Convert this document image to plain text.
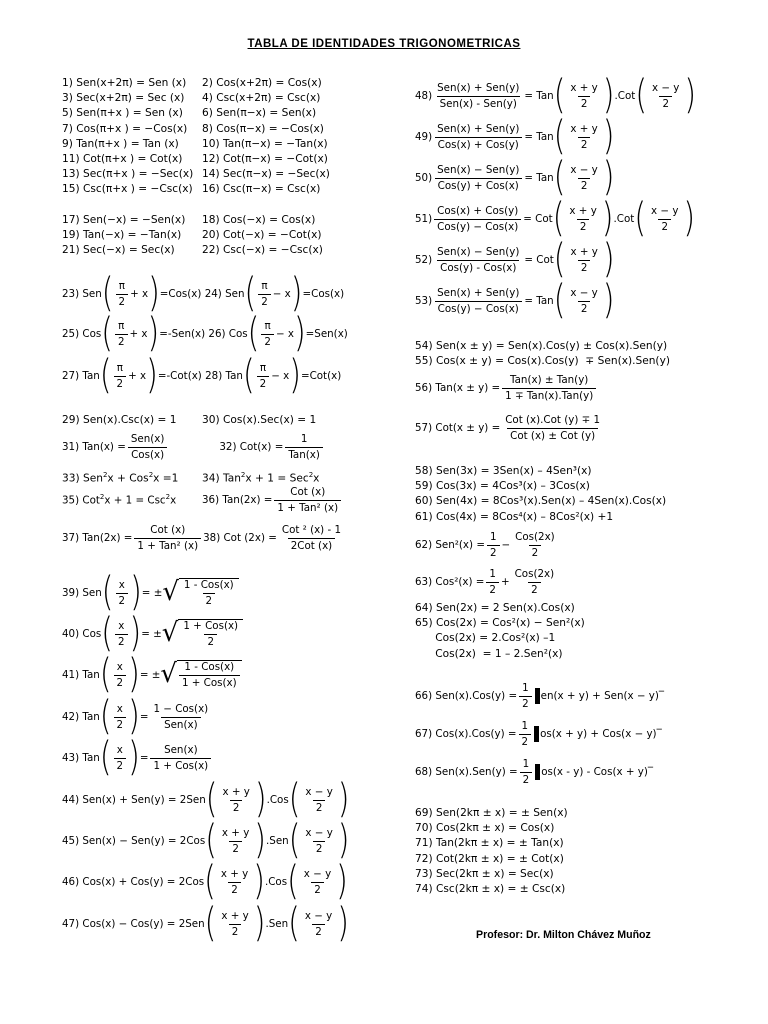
TABLA DE IDENTIDADES TRIGONOMETRICAS
1) Sen(x+2π) = Sen (x)	2) Cos(x+2π) = Cos(x)
3) Sec(x+2π) = Sec (x)	4) Csc(x+2π) = Csc(x)
5) Sen(π+x ) = Sen (x)	6) Sen(π−x) = Sen(x)
7) Cos(π+x ) = −Cos(x)	8) Cos(π−x) = −Cos(x)
9) Tan(π+x ) = Tan (x)	10) Tan(π−x) = −Tan(x)
11) Cot(π+x ) = Cot(x)	12) Cot(π−x) = −Cot(x)
13) Sec(π+x ) = −Sec(x) 14) Sec(π−x) = −Sec(x)
15) Csc(π+x ) = −Csc(x) 16) Csc(π−x) = Csc(x)
17) Sen(−x) = −Sen(x)	18) Cos(−x) = Cos(x)
19) Tan(−x) = −Tan(x)	20) Cot(−x) = −Cot(x)
21) Sec(−x) = Sec(x)	22) Csc(−x) = −Csc(x)
23) Sen ( $\frac{\pi}{2} + x$ ) =Cos(x)
24) Sen ( $\frac{\pi}{2} - x$ ) =Cos(x)
25) Cos ( $\frac{\pi}{2} + x$ ) =-Sen(x)
26) Cos ( $\frac{\pi}{2} - x$ ) =Sen(x)
27) Tan ( $\frac{\pi}{2} + x$ ) =-Cot(x)
28) Tan ( $\frac{\pi}{2} - x$ ) =Cot(x)
29) Sen(x).Csc(x) = 1	30) Cos(x).Sec(x) = 1
31) $Tan(x) = \frac{\text{Sen(x)}}{\text{Cos(x)}}$	32) $Cot(x) = \frac{1}{\text{Tan(x)}}$
33) Sen$^2$x + Cos$^2$x =1	34) Tan$^2$x + 1 = Sec$^2$x
35) Cot$^2$x + 1 = Csc$^2$x	36) $Tan(2x) = \frac{\text{Cot (x)}}{\text{1 + Tan² (x)}}$
37) $Tan(2x) = \frac{\text{Cot (x)}}{\text{1 + Tan² (x)}} 38$) Cot $(2x) = \frac{\text{Cot ² (x) - 1}}{\text{2Cot (x)}}$
39) Sen ( $\frac{x}{2}$ ) = ± √ $\frac{\text{1 - Cos(x)}}{2}$
40) Cos ( $\frac{x}{2}$ ) = ± √ $\frac{\text{1 + Cos(x)}}{2}$
41) Tan ( $\frac{x}{2}$ ) = ± √ $\frac{\text{1 - Cos(x)}}{\text{1 + Cos(x)}}$
42) Tan ( $\frac{x}{2}$ ) = $\frac{\text{1 − Cos(x)}}{\text{Sen(x)}}$
43) Tan ( $\frac{x}{2}$ ) = $\frac{\text{Sen(x)}}{\text{1 + Cos(x)}}$
44) Sen(x) + Sen(y) = 2Sen ( $\frac{x + y}{2}$ ) . Cos ( $\frac{x - y}{2}$ )
45) Sen(x) − Sen(y) = 2Cos ( $\frac{x + y}{2}$ ) . Sen ( $\frac{x - y}{2}$ )
46) Cos(x) + Cos(y) = 2Cos ( $\frac{x + y}{2}$ ) . Cos ( $\frac{x - y}{2}$ )
47) Cos(x) − Cos(y) = 2Sen ( $\frac{x + y}{2}$ ) . Sen ( $\frac{x - y}{2}$ )
$48) \frac{\text{Sen(x) + Sen(y)}}{\text{Sen(x) - Sen(y)}}$ = Tan ( $\frac{x + y}{2}$ ) . Cot ( $\frac{x - y}{2}$ )
$49) \frac{\text{Sen(x) + Sen(y)}}{\text{Cos(x) + Cos(y)}}$ = Tan ( $\frac{x + y}{2}$ )
$50) \frac{\text{Sen(x) − Sen(y)}}{\text{Cos(y) + Cos(x)}}$ = Tan ( $\frac{x - y}{2}$ )
$51) \frac{\text{Cos(x) + Cos(y)}}{\text{Cos(y) − Cos(x)}}$ = Cot ( $\frac{x + y}{2}$ ) . Cot ( $\frac{x - y}{2}$ )
$52) \frac{\text{Sen(x) − Sen(y)}}{\text{Cos(y) - Cos(x)}}$ = Cot ( $\frac{x + y}{2}$ )
$53) \frac{\text{Sen(x) + Sen(y)}}{\text{Cos(y) − Cos(x)}}$ = Tan ( $\frac{x - y}{2}$ )
54) Sen(x ± y) = Sen(x).Cos(y) ± Cos(x).Sen(y)
55) Cos(x ± y) = Cos(x).Cos(y)  ∓ Sen(x).Sen(y)
56) $Tan(x \pm y) = \frac{\text{Tan(x) ± Tan(y)}}{\text{1 ∓ Tan(x).Tan(y)}}$
57) $Cot(x \pm y) = \frac{\text{Cot (x).Cot (y) ∓ 1}}{\text{Cot (x) ± Cot (y)}}$
58) Sen(3x) = 3Sen(x) – 4Sen³(x)
59) Cos(3x) = 4Cos³(x) – 3Cos(x)
60) Sen(4x) = 8Cos³(x).Sen(x) – 4Sen(x).Cos(x)
61) Cos(4x) = 8Cos⁴(x) – 8Cos²(x) +1
62) $Sen^2(x) = \frac{1}{2} - \frac{\text{Cos(2x)}}{2}$
63) $Cos^2(x) = \frac{1}{2} + \frac{\text{Cos(2x)}}{2}$
64) Sen(2x) = 2 Sen(x).Cos(x)
65) Cos(2x) = Cos²(x) − Sen²(x)
Cos(2x) = 2.Cos²(x) –1
Cos(2x)  = 1 – 2.Sen²(x)
66) $Sen(x).Cos(y) = \frac{1}{2} en(x + y) + Sen(x - y)$ ‾
67) $Cos(x).Cos(y) = \frac{1}{2} os(x + y) + Cos(x - y)$ ‾
68) $Sen(x).Sen(y) = \frac{1}{2} os(x - y) - Cos(x + y)$ ‾
69) Sen(2kπ ± x) = ± Sen(x)
70) Cos(2kπ ± x) = Cos(x)
71) Tan(2kπ ± x) = ± Tan(x)
72) Cot(2kπ ± x) = ± Cot(x)
73) Sec(2kπ ± x) = Sec(x)
74) Csc(2kπ ± x) = ± Csc(x)
Profesor: Dr. Milton Chávez Muñoz
